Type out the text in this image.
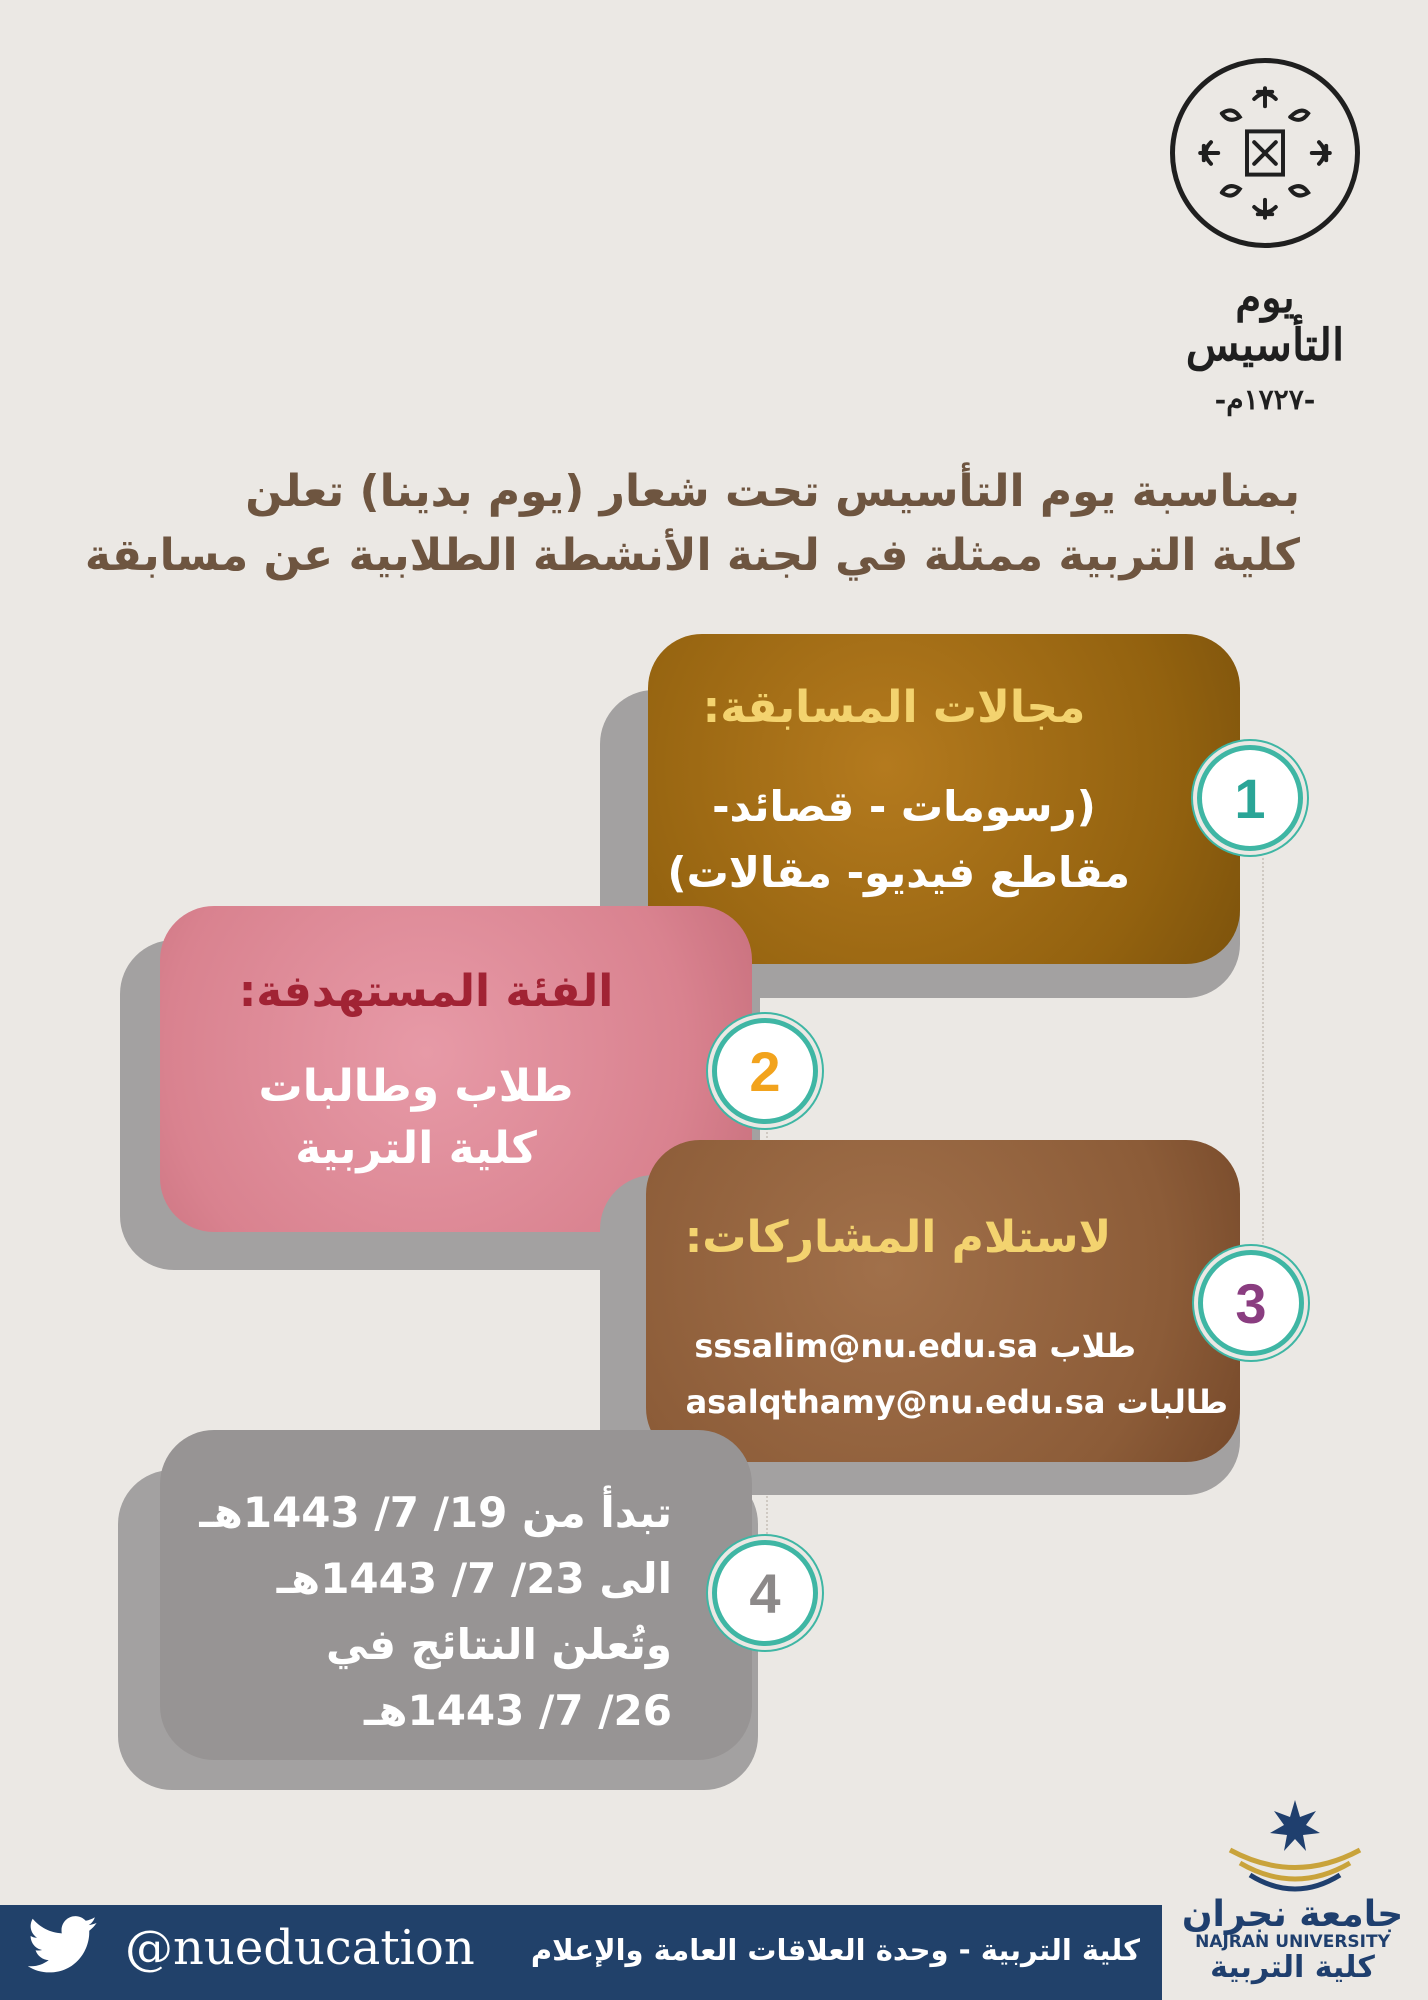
يوم
التأسيس
-١٧٢٧م-
بمناسبة يوم التأسيس تحت شعار (يوم بدينا) تعلن
كلية التربية ممثلة في لجنة الأنشطة الطلابية عن مسابقة
مجالات المسابقة:
(رسومات - قصائد-
مقاطع فيديو- مقالات)
1
الفئة المستهدفة:
طلاب وطالبات
كلية التربية
2
لاستلام المشاركات:
طلاب sssalim@nu.edu.sa
طالبات asalqthamy@nu.edu.sa
3
تبدأ من 19/ 7/ 1443هـ
الى 23/ 7/ 1443هـ
وتُعلن النتائج في
26/ 7/ 1443هـ
4
جامعة نجران
NAJRAN UNIVERSITY
كلية التربية
@nueducation	كلية التربية - وحدة العلاقات العامة والإعلام
